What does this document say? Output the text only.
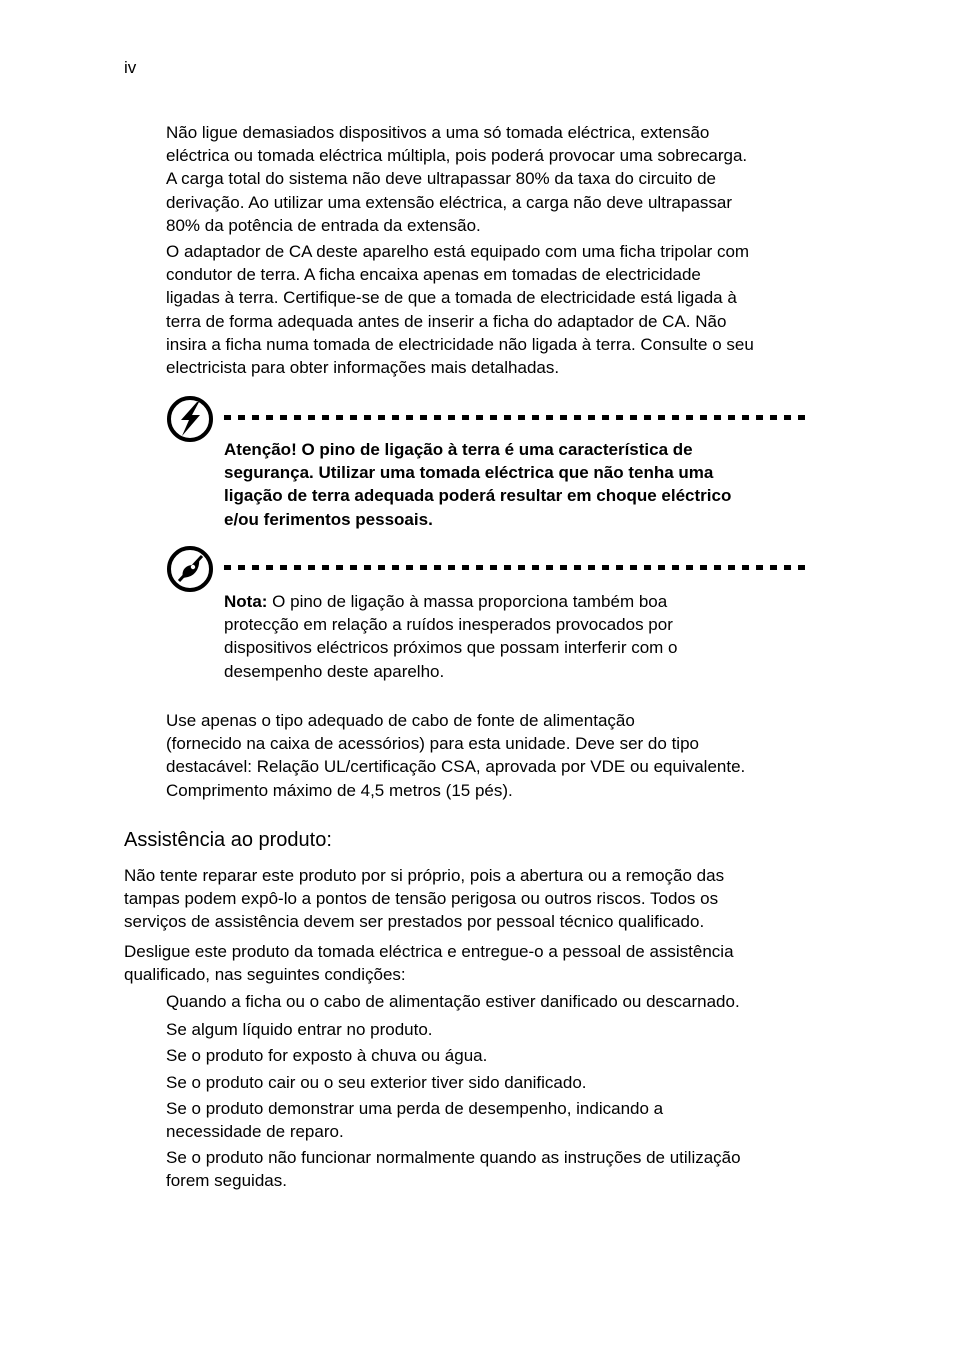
iv

Não ligue demasiados dispositivos a uma só tomada eléctrica, extensão
eléctrica ou tomada eléctrica múltipla, pois poderá provocar uma sobrecarga.
A carga total do sistema não deve ultrapassar 80% da taxa do circuito de
derivação. Ao utilizar uma extensão eléctrica, a carga não deve ultrapassar
80% da potência de entrada da extensão.

O adaptador de CA deste aparelho está equipado com uma ficha tripolar com
condutor de terra. A ficha encaixa apenas em tomadas de electricidade
ligadas à terra. Certifique-se de que a tomada de electricidade está ligada à
terra de forma adequada antes de inserir a ficha do adaptador de CA. Não
insira a ficha numa tomada de electricidade não ligada à terra. Consulte o seu
electricista para obter informações mais detalhadas.

Atenção! O pino de ligação à terra é uma característica de
segurança. Utilizar uma tomada eléctrica que não tenha uma
ligação de terra adequada poderá resultar em choque eléctrico
e/ou ferimentos pessoais.

Nota: O pino de ligação à massa proporciona também boa
protecção em relação a ruídos inesperados provocados por
dispositivos eléctricos próximos que possam interferir com o
desempenho deste aparelho.

Use apenas o tipo adequado de cabo de fonte de alimentação
(fornecido na caixa de acessórios) para esta unidade. Deve ser do tipo
destacável: Relação UL/certificação CSA, aprovada por VDE ou equivalente.
Comprimento máximo de 4,5 metros (15 pés).

Assistência ao produto:

Não tente reparar este produto por si próprio, pois a abertura ou a remoção das
tampas podem expô-lo a pontos de tensão perigosa ou outros riscos. Todos os
serviços de assistência devem ser prestados por pessoal técnico qualificado.

Desligue este produto da tomada eléctrica e entregue-o a pessoal de assistência
qualificado, nas seguintes condições:

Quando a ficha ou o cabo de alimentação estiver danificado ou descarnado.

Se algum líquido entrar no produto.

Se o produto for exposto à chuva ou água.

Se o produto cair ou o seu exterior tiver sido danificado.

Se o produto demonstrar uma perda de desempenho, indicando a
necessidade de reparo.

Se o produto não funcionar normalmente quando as instruções de utilização
forem seguidas.
